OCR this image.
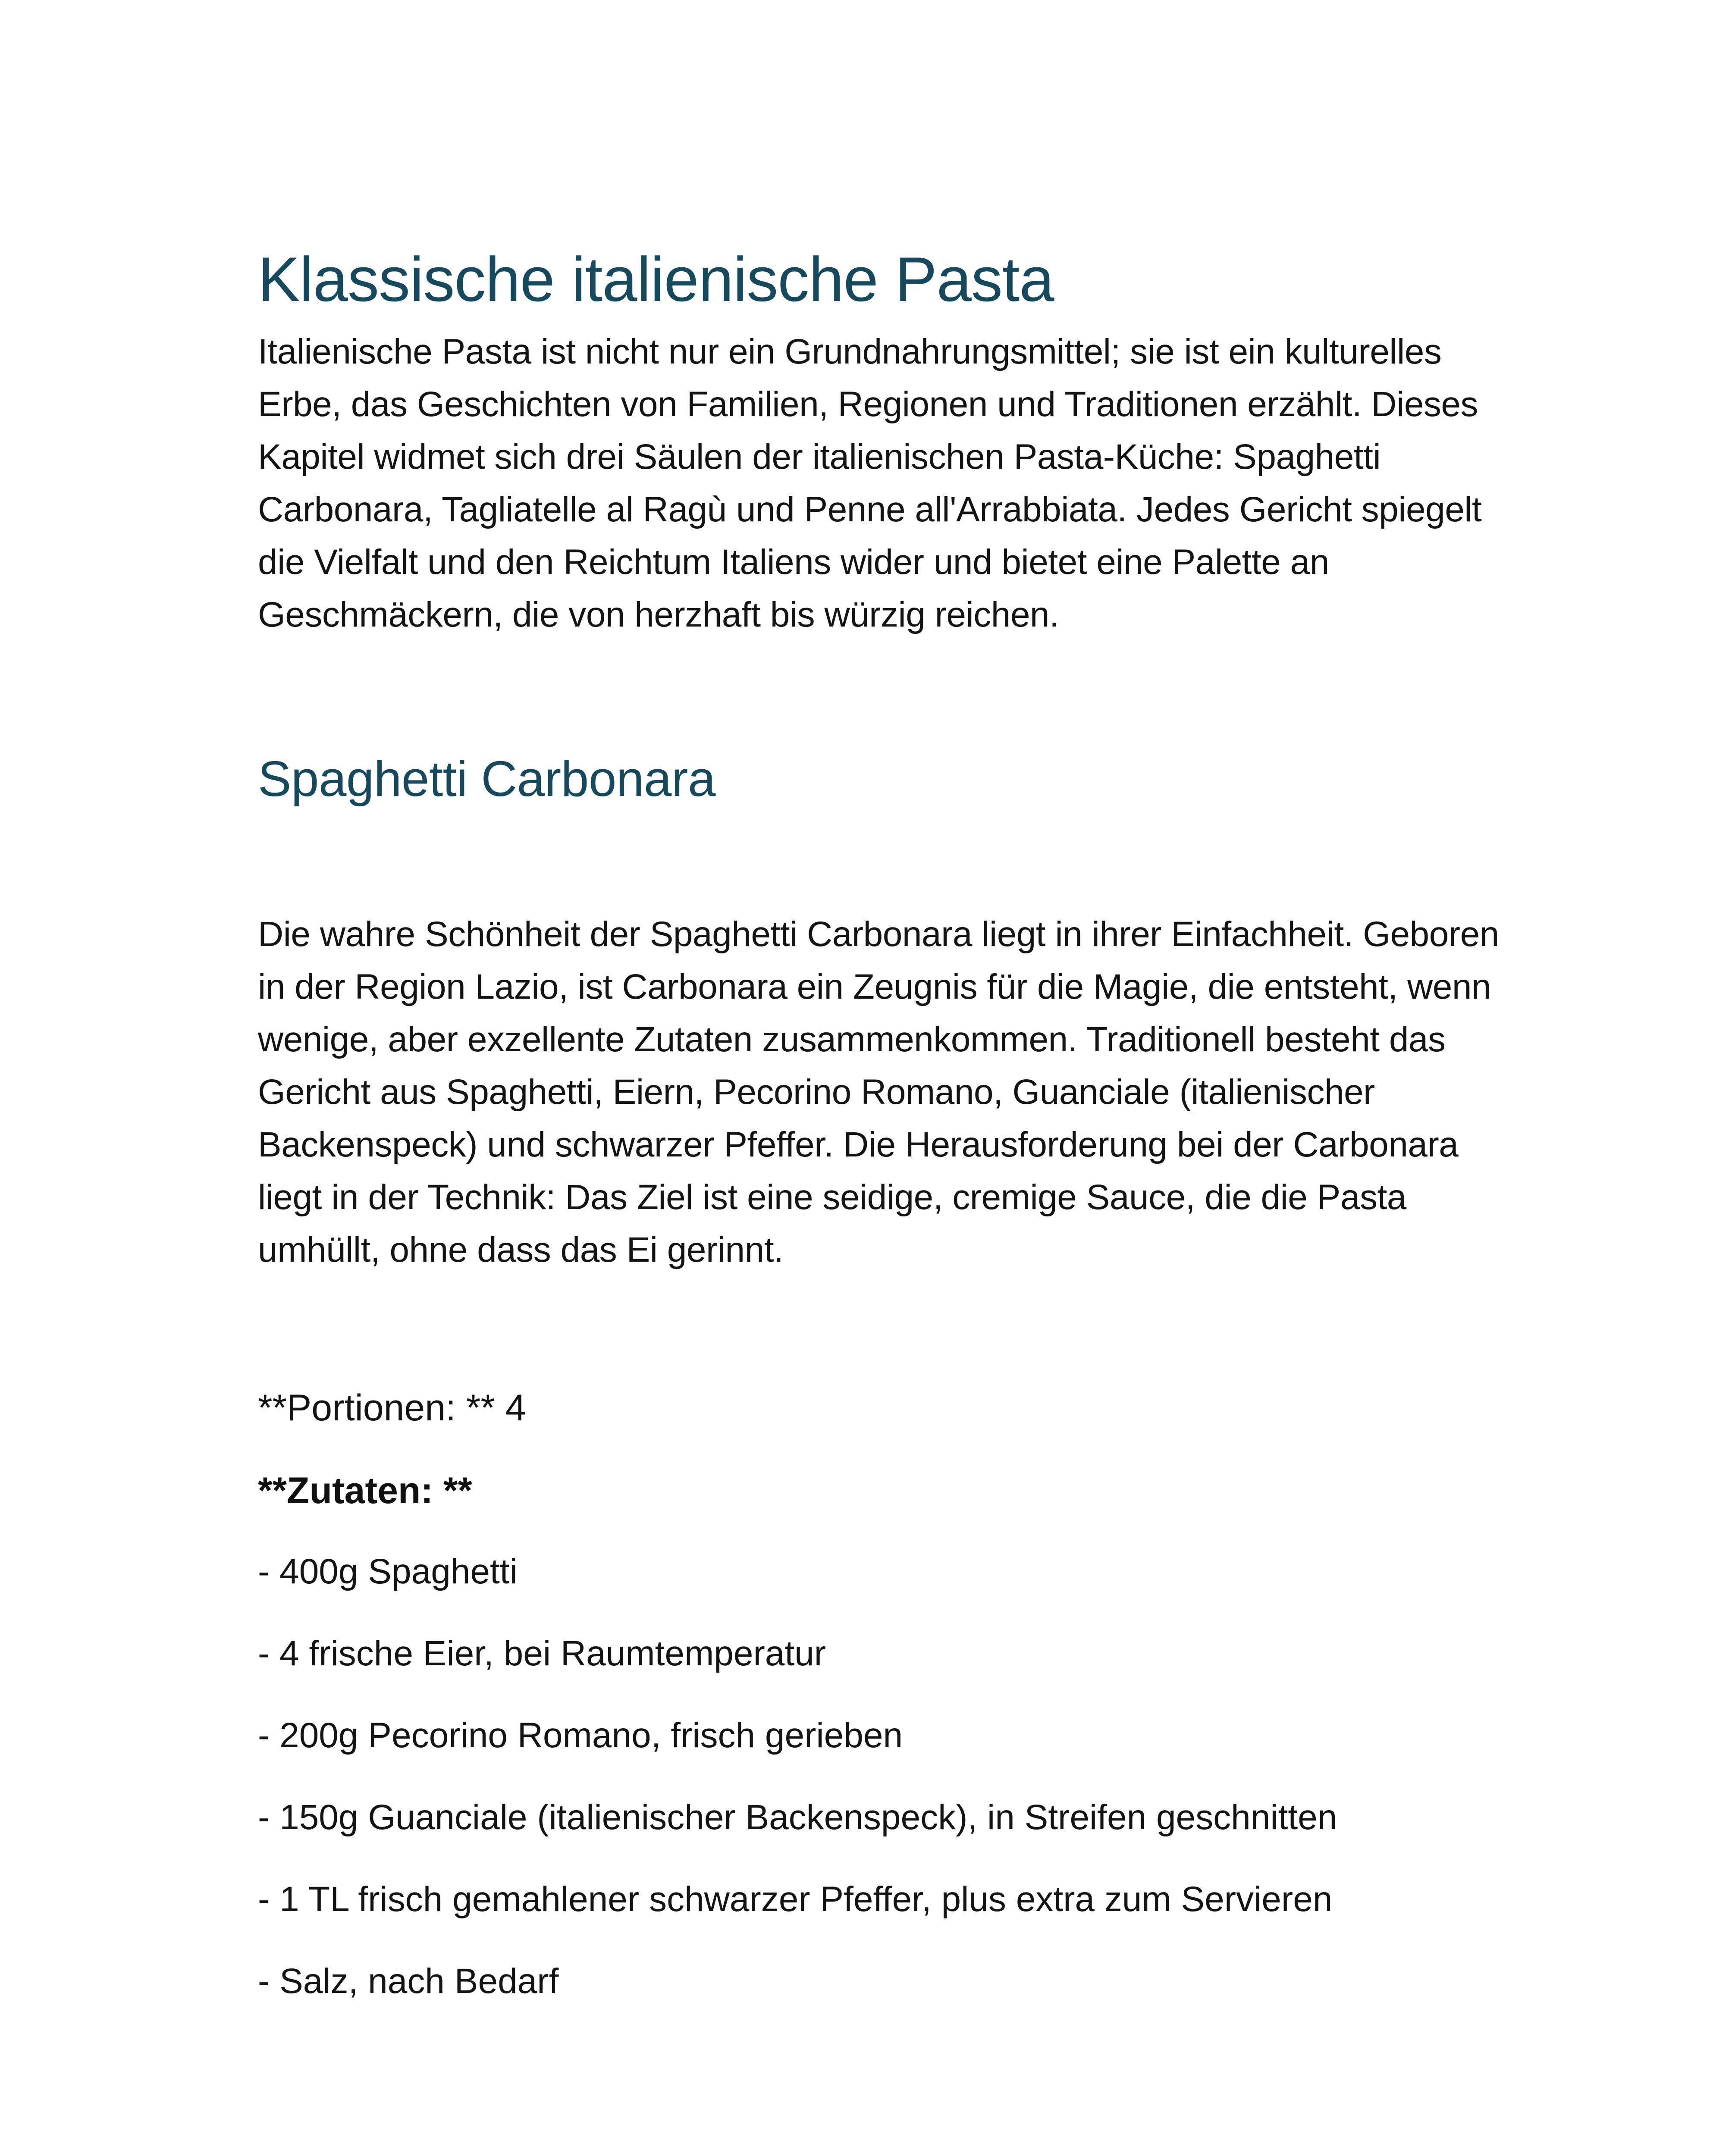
Klassische italienische Pasta

Italienische Pasta ist nicht nur ein Grundnahrungsmittel; sie ist ein kulturelles Erbe, das Geschichten von Familien, Regionen und Traditionen erzählt. Dieses Kapitel widmet sich drei Säulen der italienischen Pasta-Küche: Spaghetti Carbonara, Tagliatelle al Ragù und Penne all'Arrabbiata. Jedes Gericht spiegelt die Vielfalt und den Reichtum Italiens wider und bietet eine Palette an Geschmäckern, die von herzhaft bis würzig reichen.

Spaghetti Carbonara

Die wahre Schönheit der Spaghetti Carbonara liegt in ihrer Einfachheit. Geboren in der Region Lazio, ist Carbonara ein Zeugnis für die Magie, die entsteht, wenn wenige, aber exzellente Zutaten zusammenkommen. Traditionell besteht das Gericht aus Spaghetti, Eiern, Pecorino Romano, Guanciale (italienischer Backenspeck) und schwarzer Pfeffer. Die Herausforderung bei der Carbonara liegt in der Technik: Das Ziel ist eine seidige, cremige Sauce, die die Pasta umhüllt, ohne dass das Ei gerinnt.

**Portionen: ** 4

**Zutaten: **

- 400g Spaghetti
- 4 frische Eier, bei Raumtemperatur
- 200g Pecorino Romano, frisch gerieben
- 150g Guanciale (italienischer Backenspeck), in Streifen geschnitten
- 1 TL frisch gemahlener schwarzer Pfeffer, plus extra zum Servieren
- Salz, nach Bedarf
